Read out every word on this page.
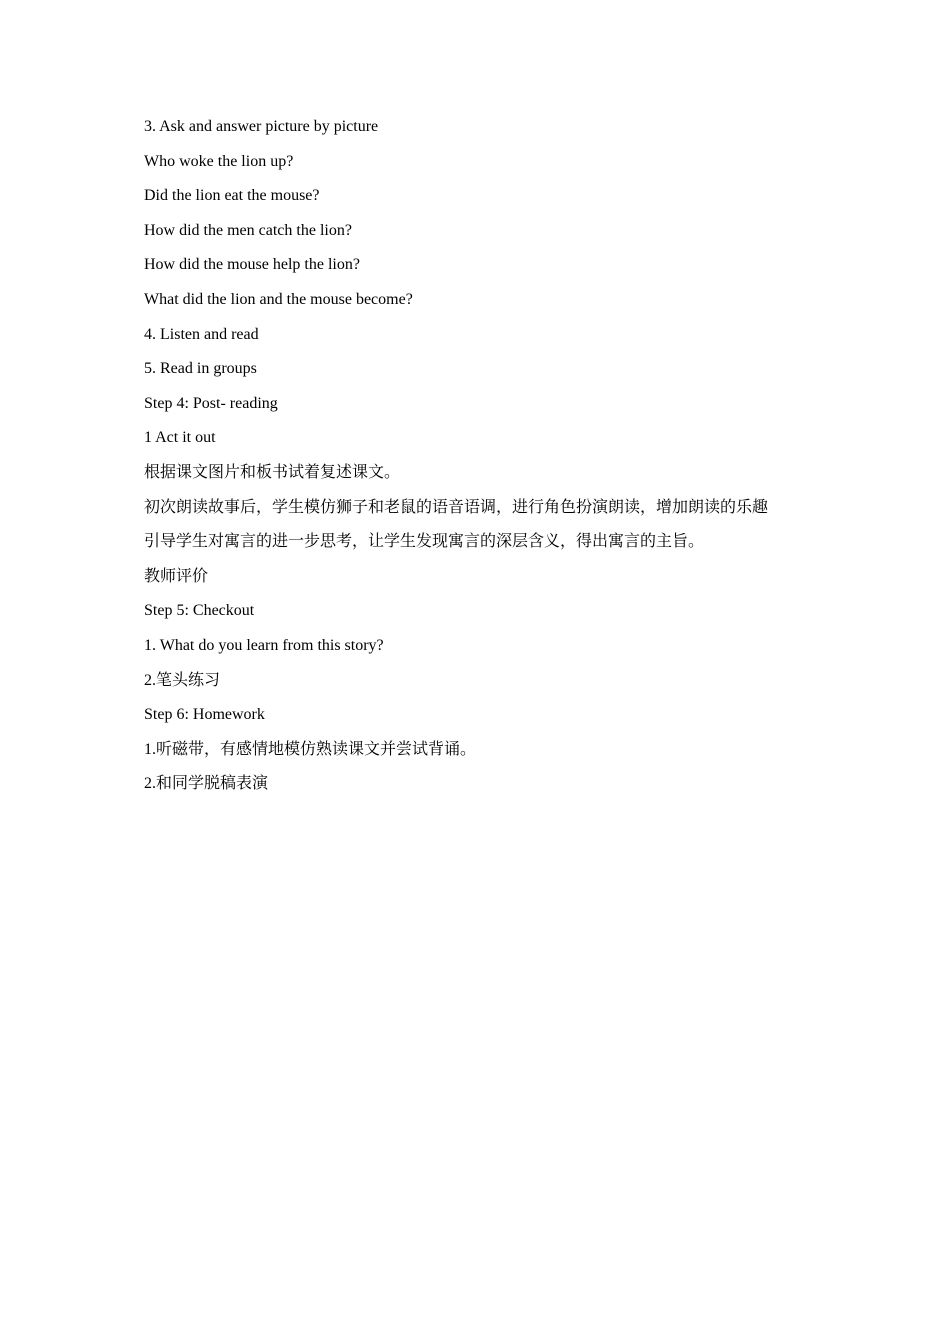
3. Ask and answer picture by picture
Who woke the lion up?
Did the lion eat the mouse?
How did the men catch the lion?
How did the mouse help the lion?
What did the lion and the mouse become?
4. Listen and read
5. Read in groups
Step 4: Post- reading
1 Act it out
根据课文图片和板书试着复述课文。
初次朗读故事后，学生模仿狮子和老鼠的语音语调，进行角色扮演朗读，增加朗读的乐趣
引导学生对寓言的进一步思考，让学生发现寓言的深层含义，得出寓言的主旨。
教师评价
Step 5: Checkout
1. What do you learn from this story?
2.笔头练习
Step 6: Homework
1.听磁带，有感情地模仿熟读课文并尝试背诵。
2.和同学脱稿表演
